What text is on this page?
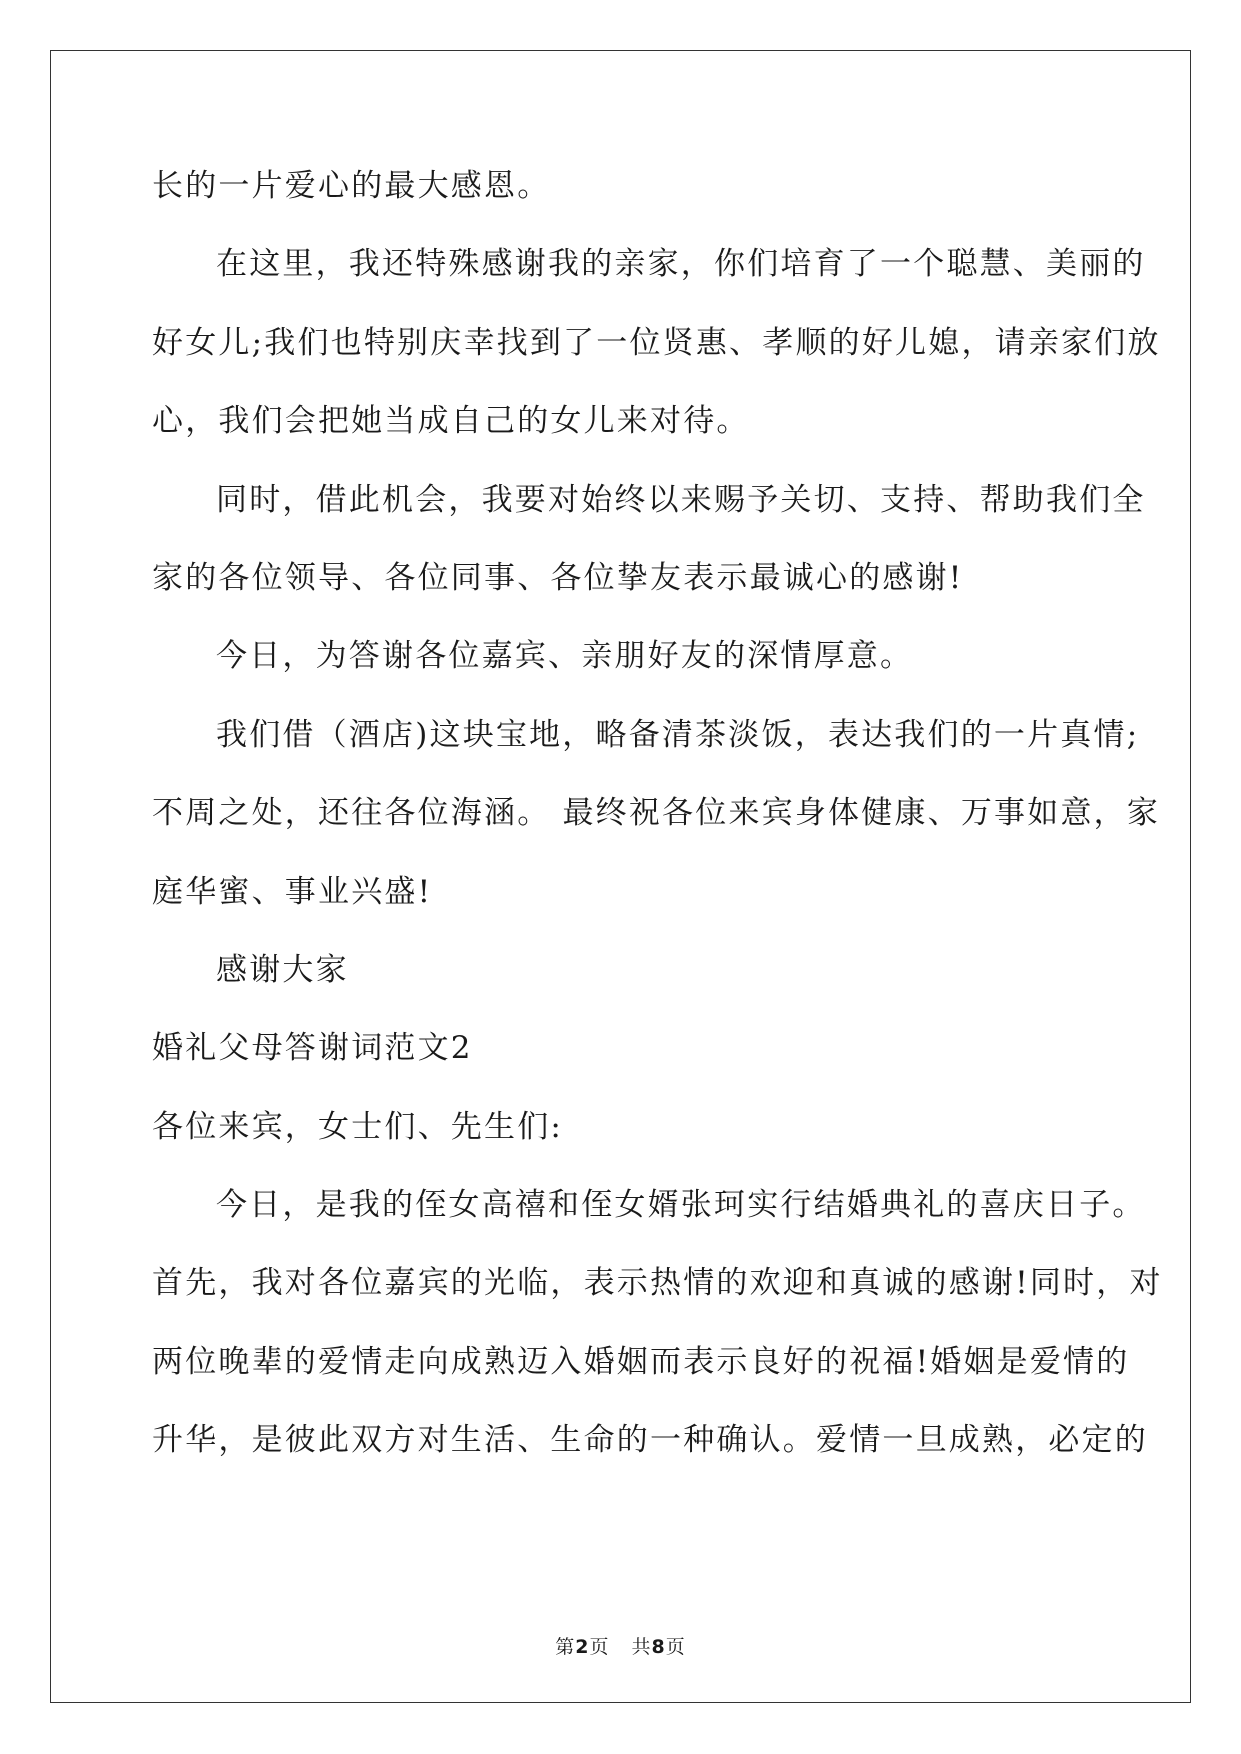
长的一片爱心的最大感恩。
在这里，我还特殊感谢我的亲家，你们培育了一个聪慧、美丽的
好女儿;我们也特别庆幸找到了一位贤惠、孝顺的好儿媳，请亲家们放
心，我们会把她当成自己的女儿来对待。
同时，借此机会，我要对始终以来赐予关切、支持、帮助我们全
家的各位领导、各位同事、各位挚友表示最诚心的感谢!
今日，为答谢各位嘉宾、亲朋好友的深情厚意。
我们借（酒店)这块宝地，略备清茶淡饭，表达我们的一片真情;
不周之处，还往各位海涵。 最终祝各位来宾身体健康、万事如意，家
庭华蜜、事业兴盛!
感谢大家
婚礼父母答谢词范文2
各位来宾，女士们、先生们:
今日，是我的侄女高禧和侄女婿张珂实行结婚典礼的喜庆日子。
首先，我对各位嘉宾的光临，表示热情的欢迎和真诚的感谢!同时，对
两位晚辈的爱情走向成熟迈入婚姻而表示良好的祝福!婚姻是爱情的
升华，是彼此双方对生活、生命的一种确认。爱情一旦成熟，必定的
第2页 共8页
